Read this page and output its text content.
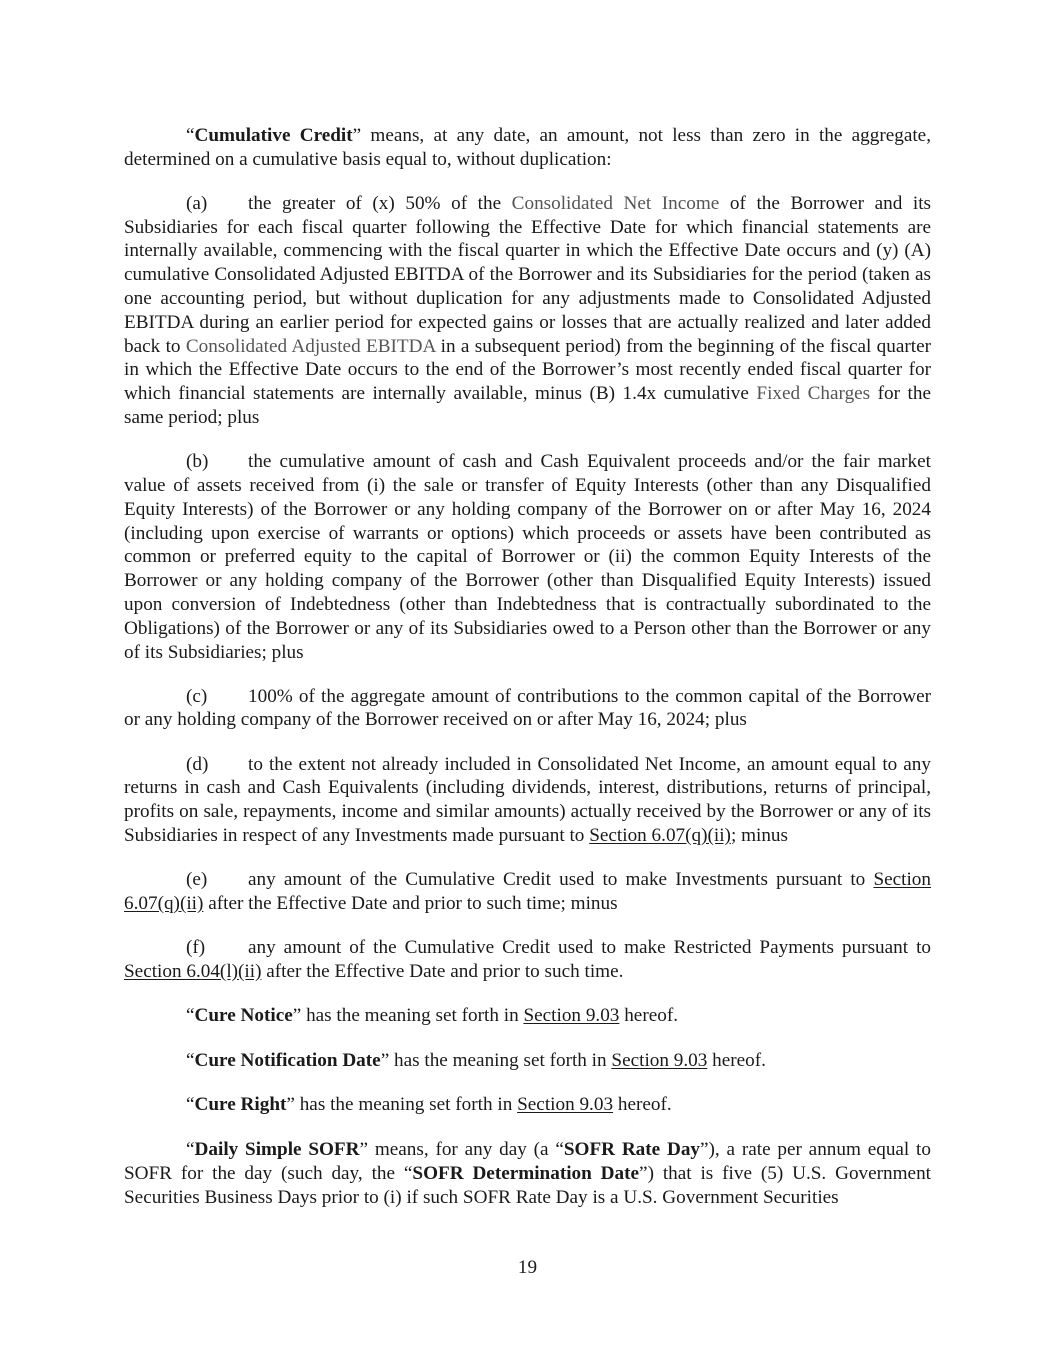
“Cumulative Credit” means, at any date, an amount, not less than zero in the aggregate, determined on a cumulative basis equal to, without duplication:

(a) the greater of (x) 50% of the Consolidated Net Income of the Borrower and its Subsidiaries for each fiscal quarter following the Effective Date for which financial statements are internally available, commencing with the fiscal quarter in which the Effective Date occurs and (y) (A) cumulative Consolidated Adjusted EBITDA of the Borrower and its Subsidiaries for the period (taken as one accounting period, but without duplication for any adjustments made to Consolidated Adjusted EBITDA during an earlier period for expected gains or losses that are actually realized and later added back to Consolidated Adjusted EBITDA in a subsequent period) from the beginning of the fiscal quarter in which the Effective Date occurs to the end of the Borrower’s most recently ended fiscal quarter for which financial statements are internally available, minus (B) 1.4x cumulative Fixed Charges for the same period; plus

(b) the cumulative amount of cash and Cash Equivalent proceeds and/or the fair market value of assets received from (i) the sale or transfer of Equity Interests (other than any Disqualified Equity Interests) of the Borrower or any holding company of the Borrower on or after May 16, 2024 (including upon exercise of warrants or options) which proceeds or assets have been contributed as common or preferred equity to the capital of Borrower or (ii) the common Equity Interests of the Borrower or any holding company of the Borrower (other than Disqualified Equity Interests) issued upon conversion of Indebtedness (other than Indebtedness that is contractually subordinated to the Obligations) of the Borrower or any of its Subsidiaries owed to a Person other than the Borrower or any of its Subsidiaries; plus

(c) 100% of the aggregate amount of contributions to the common capital of the Borrower or any holding company of the Borrower received on or after May 16, 2024; plus

(d) to the extent not already included in Consolidated Net Income, an amount equal to any returns in cash and Cash Equivalents (including dividends, interest, distributions, returns of principal, profits on sale, repayments, income and similar amounts) actually received by the Borrower or any of its Subsidiaries in respect of any Investments made pursuant to Section 6.07(q)(ii); minus

(e) any amount of the Cumulative Credit used to make Investments pursuant to Section 6.07(q)(ii) after the Effective Date and prior to such time; minus

(f) any amount of the Cumulative Credit used to make Restricted Payments pursuant to Section 6.04(l)(ii) after the Effective Date and prior to such time.

“Cure Notice” has the meaning set forth in Section 9.03 hereof.

“Cure Notification Date” has the meaning set forth in Section 9.03 hereof.

“Cure Right” has the meaning set forth in Section 9.03 hereof.

“Daily Simple SOFR” means, for any day (a “SOFR Rate Day”), a rate per annum equal to SOFR for the day (such day, the “SOFR Determination Date”) that is five (5) U.S. Government Securities Business Days prior to (i) if such SOFR Rate Day is a U.S. Government Securities

19
